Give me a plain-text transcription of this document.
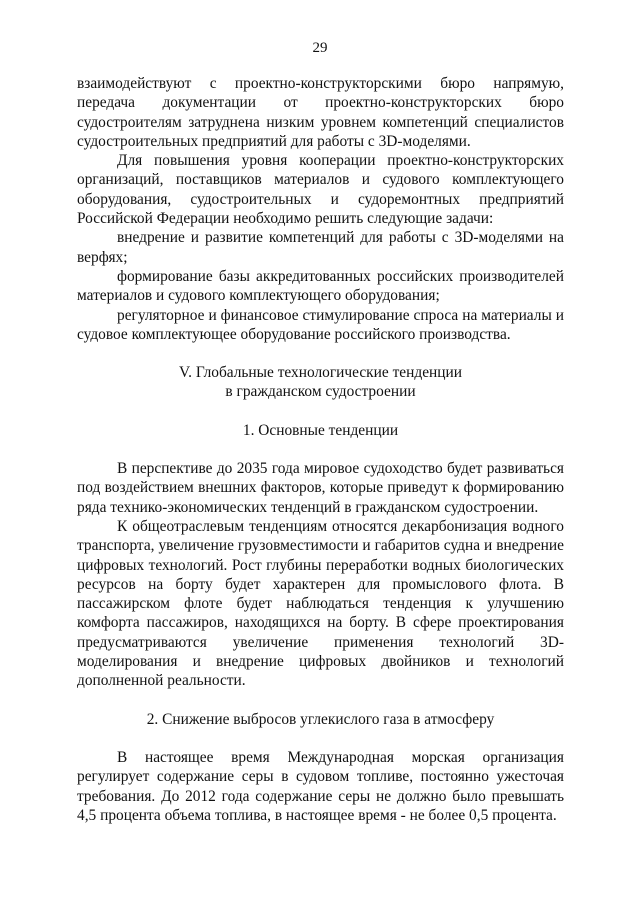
29

взаимодействуют с проектно-конструкторскими бюро напрямую, передача документации от проектно-конструкторских бюро судостроителям затруднена низким уровнем компетенций специалистов судостроительных предприятий для работы с 3D-моделями.

Для повышения уровня кооперации проектно-конструкторских организаций, поставщиков материалов и судового комплектующего оборудования, судостроительных и судоремонтных предприятий Российской Федерации необходимо решить следующие задачи:

внедрение и развитие компетенций для работы с 3D-моделями на верфях;

формирование базы аккредитованных российских производителей материалов и судового комплектующего оборудования;

регуляторное и финансовое стимулирование спроса на материалы и судовое комплектующее оборудование российского производства.

V. Глобальные технологические тенденции
в гражданском судостроении

1. Основные тенденции

В перспективе до 2035 года мировое судоходство будет развиваться под воздействием внешних факторов, которые приведут к формированию ряда технико-экономических тенденций в гражданском судостроении.

К общеотраслевым тенденциям относятся декарбонизация водного транспорта, увеличение грузовместимости и габаритов судна и внедрение цифровых технологий. Рост глубины переработки водных биологических ресурсов на борту будет характерен для промыслового флота. В пассажирском флоте будет наблюдаться тенденция к улучшению комфорта пассажиров, находящихся на борту. В сфере проектирования предусматриваются увеличение применения технологий 3D-моделирования и внедрение цифровых двойников и технологий дополненной реальности.

2. Снижение выбросов углекислого газа в атмосферу

В настоящее время Международная морская организация регулирует содержание серы в судовом топливе, постоянно ужесточая требования. До 2012 года содержание серы не должно было превышать 4,5 процента объема топлива, в настоящее время - не более 0,5 процента.
